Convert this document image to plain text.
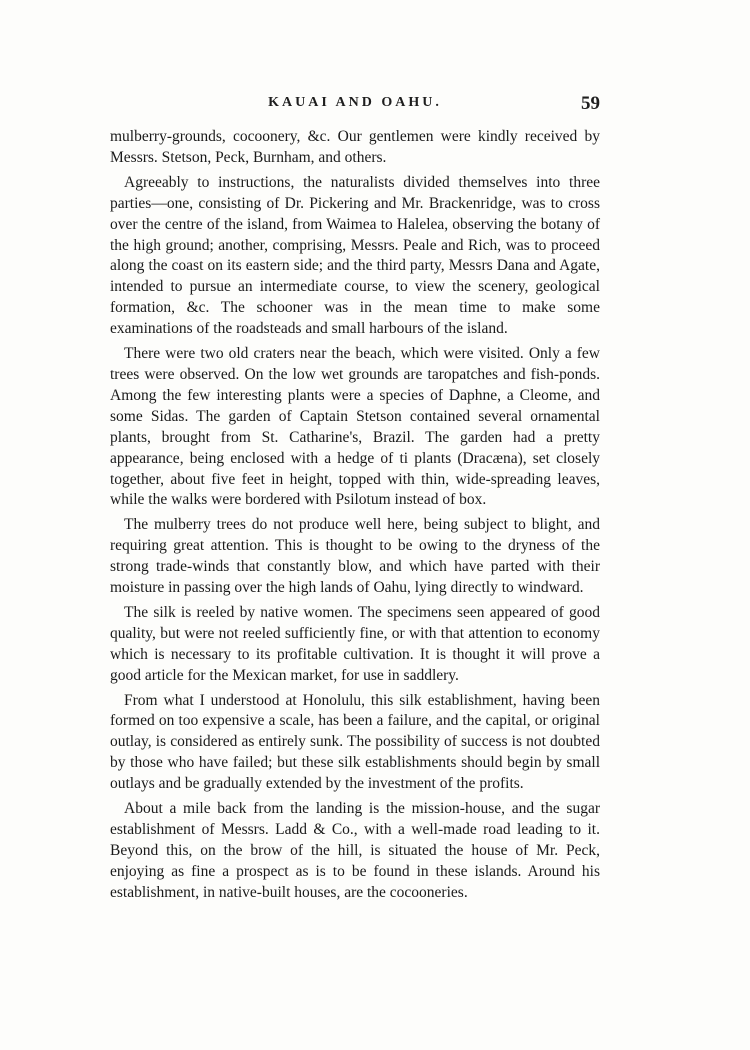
KAUAI AND OAHU.	59

mulberry-grounds, cocoonery, &c. Our gentlemen were kindly received by Messrs. Stetson, Peck, Burnham, and others.

Agreeably to instructions, the naturalists divided themselves into three parties—one, consisting of Dr. Pickering and Mr. Brackenridge, was to cross over the centre of the island, from Waimea to Halelea, observing the botany of the high ground; another, comprising, Messrs. Peale and Rich, was to proceed along the coast on its eastern side; and the third party, Messrs Dana and Agate, intended to pursue an intermediate course, to view the scenery, geological formation, &c. The schooner was in the mean time to make some examinations of the roadsteads and small harbours of the island.

There were two old craters near the beach, which were visited. Only a few trees were observed. On the low wet grounds are taropatches and fish-ponds. Among the few interesting plants were a species of Daphne, a Cleome, and some Sidas. The garden of Captain Stetson contained several ornamental plants, brought from St. Catharine's, Brazil. The garden had a pretty appearance, being enclosed with a hedge of ti plants (Dracæna), set closely together, about five feet in height, topped with thin, wide-spreading leaves, while the walks were bordered with Psilotum instead of box.

The mulberry trees do not produce well here, being subject to blight, and requiring great attention. This is thought to be owing to the dryness of the strong trade-winds that constantly blow, and which have parted with their moisture in passing over the high lands of Oahu, lying directly to windward.

The silk is reeled by native women. The specimens seen appeared of good quality, but were not reeled sufficiently fine, or with that attention to economy which is necessary to its profitable cultivation. It is thought it will prove a good article for the Mexican market, for use in saddlery.

From what I understood at Honolulu, this silk establishment, having been formed on too expensive a scale, has been a failure, and the capital, or original outlay, is considered as entirely sunk. The possibility of success is not doubted by those who have failed; but these silk establishments should begin by small outlays and be gradually extended by the investment of the profits.

About a mile back from the landing is the mission-house, and the sugar establishment of Messrs. Ladd & Co., with a well-made road leading to it. Beyond this, on the brow of the hill, is situated the house of Mr. Peck, enjoying as fine a prospect as is to be found in these islands. Around his establishment, in native-built houses, are the cocooneries.
